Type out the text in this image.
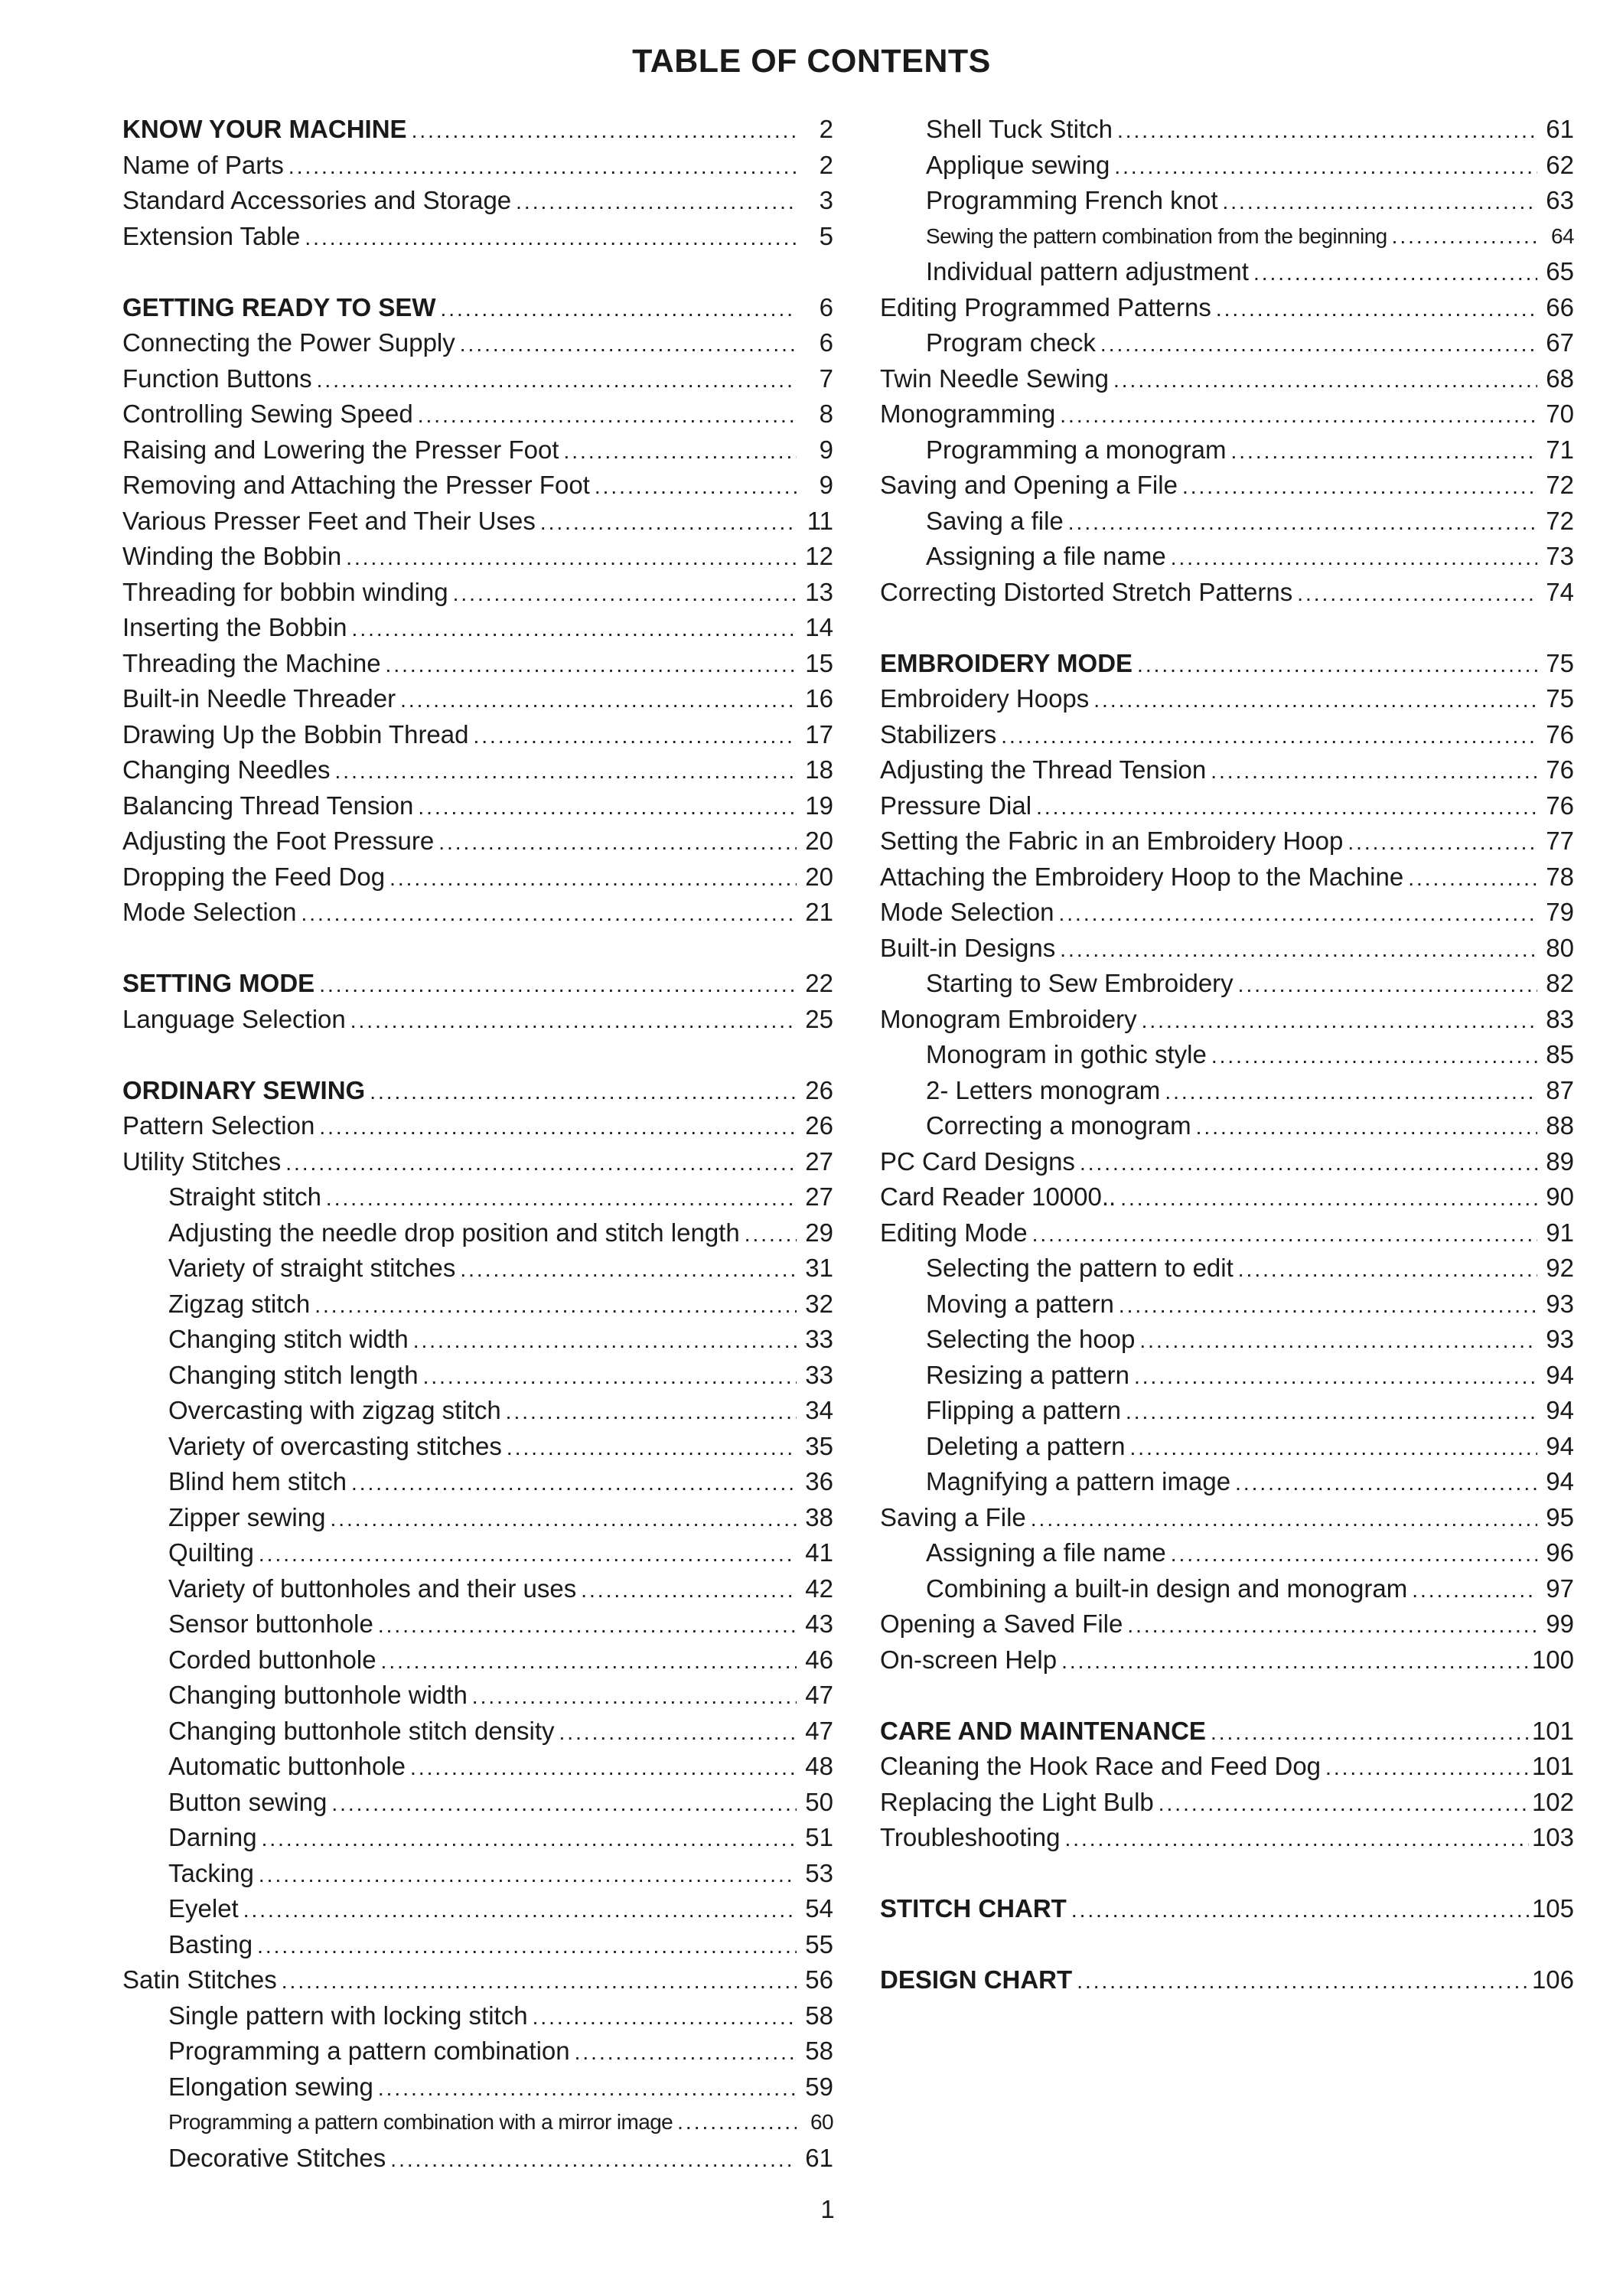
TABLE OF CONTENTS
KNOW YOUR MACHINE .....	2
Name of Parts .....	2
Standard Accessories and Storage .....	3
Extension Table .....	5
GETTING READY TO SEW .....	6
Connecting the Power Supply .....	6
Function Buttons .....	7
Controlling Sewing Speed .....	8
Raising and Lowering the Presser Foot .....	9
Removing and Attaching the Presser Foot .....	9
Various Presser Feet and Their Uses .....	11
Winding the Bobbin .....	12
Threading for bobbin winding .....	13
Inserting the Bobbin .....	14
Threading the Machine .....	15
Built-in Needle Threader .....	16
Drawing Up the Bobbin Thread .....	17
Changing Needles .....	18
Balancing Thread Tension .....	19
Adjusting the Foot Pressure .....	20
Dropping the Feed Dog .....	20
Mode Selection .....	21
SETTING MODE .....	22
Language Selection .....	25
ORDINARY SEWING .....	26
Pattern Selection .....	26
Utility Stitches .....	27
Straight stitch .....	27
Adjusting the needle drop position and stitch length .....	29
Variety of straight stitches .....	31
Zigzag stitch .....	32
Changing stitch width .....	33
Changing stitch length .....	33
Overcasting with zigzag stitch .....	34
Variety of overcasting stitches .....	35
Blind hem stitch .....	36
Zipper sewing .....	38
Quilting .....	41
Variety of buttonholes and their uses .....	42
Sensor buttonhole .....	43
Corded buttonhole .....	46
Changing buttonhole width .....	47
Changing buttonhole stitch density .....	47
Automatic buttonhole .....	48
Button sewing .....	50
Darning .....	51
Tacking .....	53
Eyelet .....	54
Basting .....	55
Satin Stitches .....	56
Single pattern with locking stitch .....	58
Programming a pattern combination .....	58
Elongation sewing .....	59
Programming a pattern combination with a mirror image .....	60
Decorative Stitches .....	61
Shell Tuck Stitch .....	61
Applique sewing .....	62
Programming French knot .....	63
Sewing the pattern combination from the beginning .....	64
Individual pattern adjustment .....	65
Editing Programmed Patterns .....	66
Program check .....	67
Twin Needle Sewing .....	68
Monogramming .....	70
Programming a monogram .....	71
Saving and Opening a File .....	72
Saving a file .....	72
Assigning a file name .....	73
Correcting Distorted Stretch Patterns .....	74
EMBROIDERY MODE .....	75
Embroidery Hoops .....	75
Stabilizers .....	76
Adjusting the Thread Tension .....	76
Pressure Dial .....	76
Setting the Fabric in an Embroidery Hoop .....	77
Attaching the Embroidery Hoop to the Machine .....	78
Mode Selection .....	79
Built-in Designs .....	80
Starting to Sew Embroidery .....	82
Monogram Embroidery .....	83
Monogram in gothic style .....	85
2- Letters monogram .....	87
Correcting a monogram .....	88
PC Card Designs .....	89
Card Reader 10000.. .....	90
Editing Mode .....	91
Selecting the pattern to edit .....	92
Moving a pattern .....	93
Selecting the hoop .....	93
Resizing a pattern .....	94
Flipping a pattern .....	94
Deleting a pattern .....	94
Magnifying a pattern image .....	94
Saving a File .....	95
Assigning a file name .....	96
Combining a built-in design and monogram .....	97
Opening a Saved File .....	99
On-screen Help .....	100
CARE AND MAINTENANCE .....	101
Cleaning the Hook Race and Feed Dog .....	101
Replacing the Light Bulb .....	102
Troubleshooting .....	103
STITCH CHART .....	105
DESIGN CHART .....	106
1
